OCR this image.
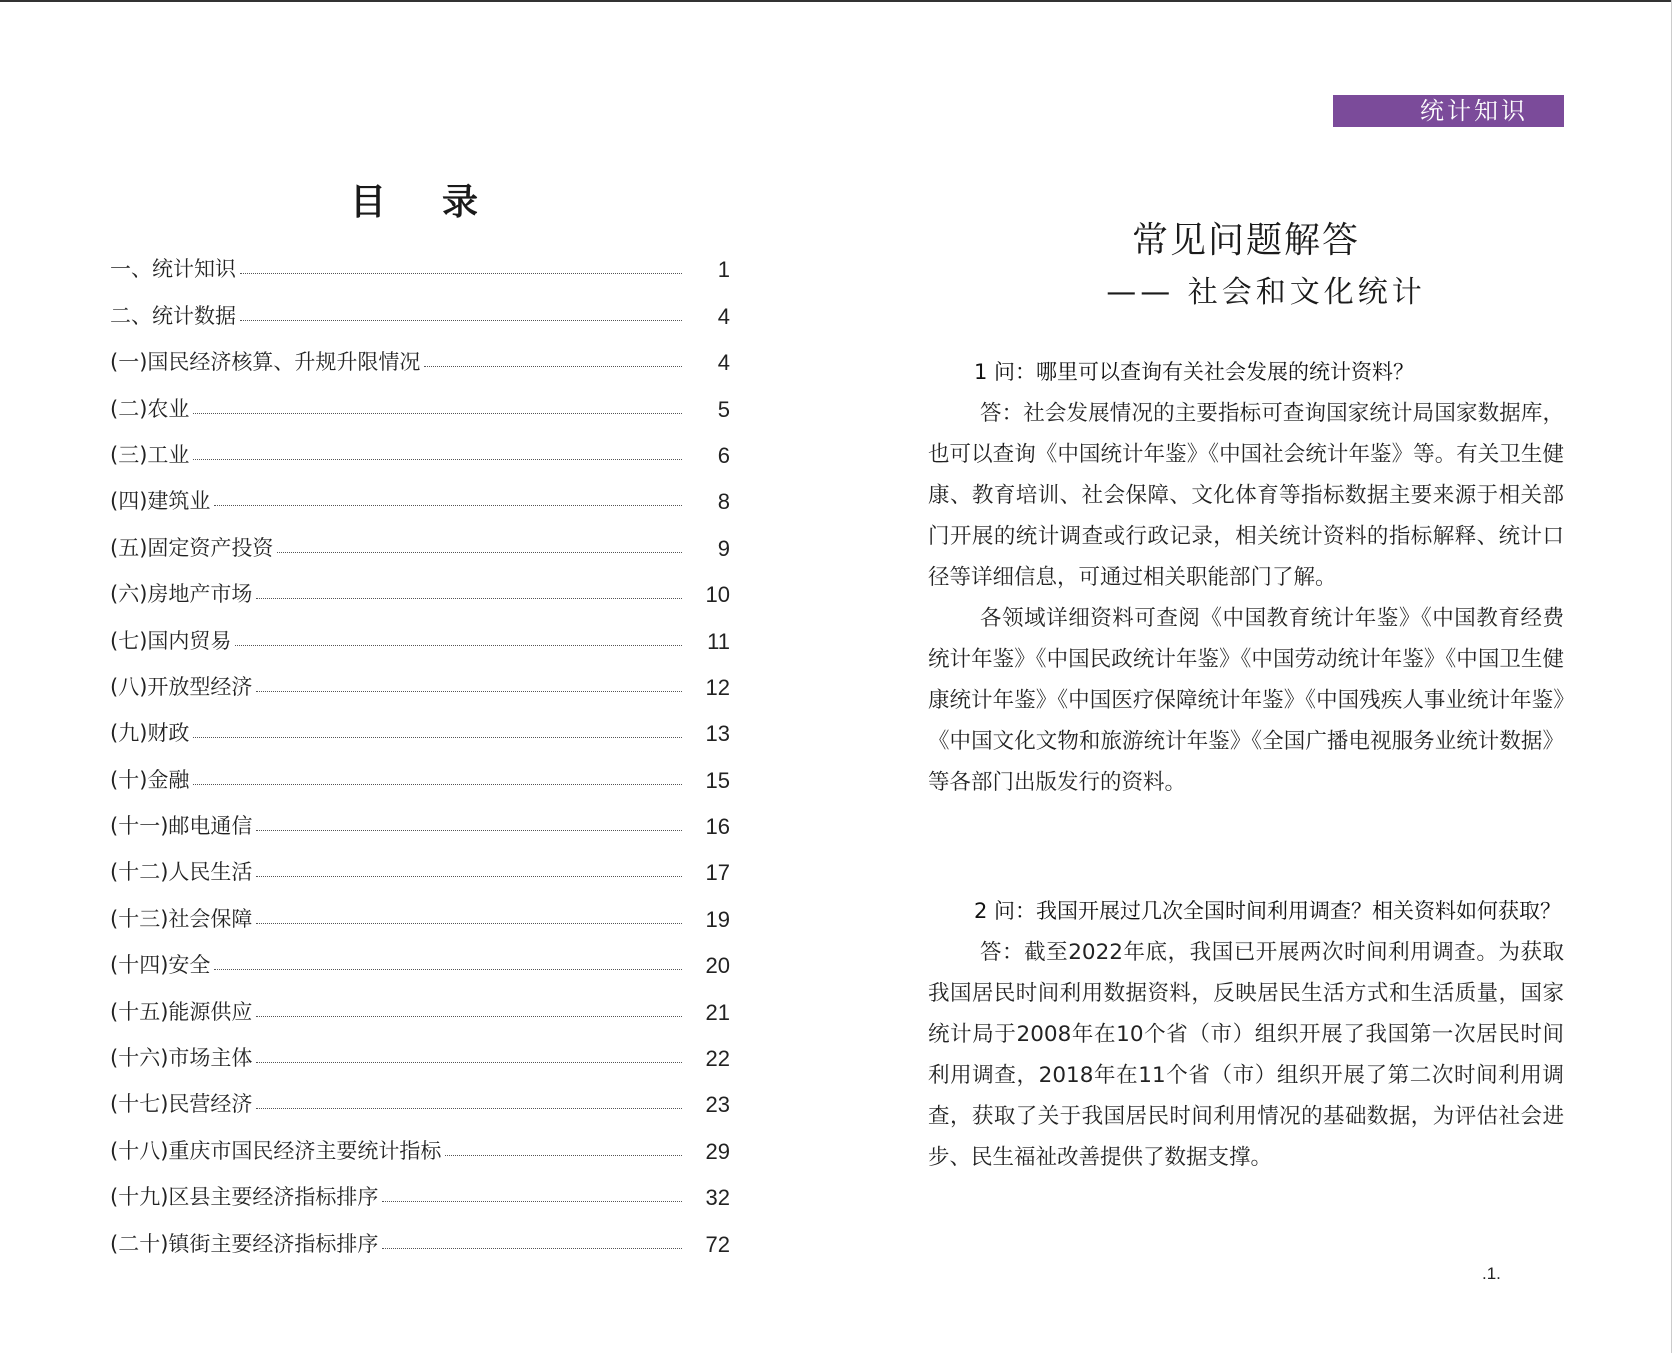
目录
一、统计知识	1
二、统计数据	4
(一)国民经济核算、升规升限情况	4
(二)农业	5
(三)工业	6
(四)建筑业	8
(五)固定资产投资	9
(六)房地产市场	10
(七)国内贸易	11
(八)开放型经济	12
(九)财政	13
(十)金融	15
(十一)邮电通信	16
(十二)人民生活	17
(十三)社会保障	19
(十四)安全	20
(十五)能源供应	21
(十六)市场主体	22
(十七)民营经济	23
(十八)重庆市国民经济主要统计指标	29
(十九)区县主要经济指标排序	32
(二十)镇街主要经济指标排序	72
统计知识
常见问题解答
—— 社会和文化统计

1 问：哪里可以查询有关社会发展的统计资料？

答：社会发展情况的主要指标可查询国家统计局国家数据库，也可以查询《中国统计年鉴》《中国社会统计年鉴》等。有关卫生健康、教育培训、社会保障、文化体育等指标数据主要来源于相关部门开展的统计调查或行政记录，相关统计资料的指标解释、统计口径等详细信息，可通过相关职能部门了解。

各领域详细资料可查阅《中国教育统计年鉴》《中国教育经费统计年鉴》《中国民政统计年鉴》《中国劳动统计年鉴》《中国卫生健康统计年鉴》《中国医疗保障统计年鉴》《中国残疾人事业统计年鉴》《中国文化文物和旅游统计年鉴》《全国广播电视服务业统计数据》等各部门出版发行的资料。

2 问：我国开展过几次全国时间利用调查？相关资料如何获取？

答：截至2022年底，我国已开展两次时间利用调查。为获取我国居民时间利用数据资料，反映居民生活方式和生活质量，国家统计局于2008年在10个省（市）组织开展了我国第一次居民时间利用调查，2018年在11个省（市）组织开展了第二次时间利用调查，获取了关于我国居民时间利用情况的基础数据，为评估社会进步、民生福祉改善提供了数据支撑。

.1.
